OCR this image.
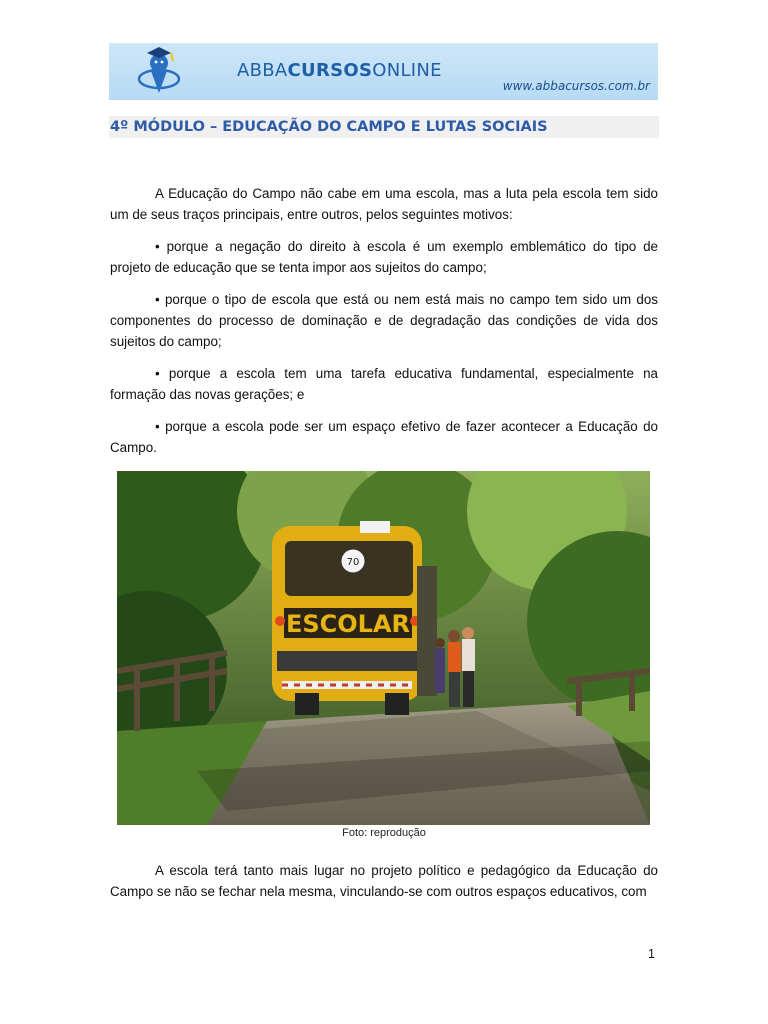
ABBACURSOSONLINE
www.abbacursos.com.br
4º MÓDULO – EDUCAÇÃO DO CAMPO E LUTAS SOCIAIS

A Educação do Campo não cabe em uma escola, mas a luta pela escola tem sido um de seus traços principais, entre outros, pelos seguintes motivos:

• porque a negação do direito à escola é um exemplo emblemático do tipo de projeto de educação que se tenta impor aos sujeitos do campo;

• porque o tipo de escola que está ou nem está mais no campo tem sido um dos componentes do processo de dominação e de degradação das condições de vida dos sujeitos do campo;

• porque a escola tem uma tarefa educativa fundamental, especialmente na formação das novas gerações; e

• porque a escola pode ser um espaço efetivo de fazer acontecer a Educação do Campo.

70
ESCOLAR
Foto: reprodução

A escola terá tanto mais lugar no projeto político e pedagógico da Educação do Campo se não se fechar nela mesma, vinculando-se com outros espaços educativos, com

1
